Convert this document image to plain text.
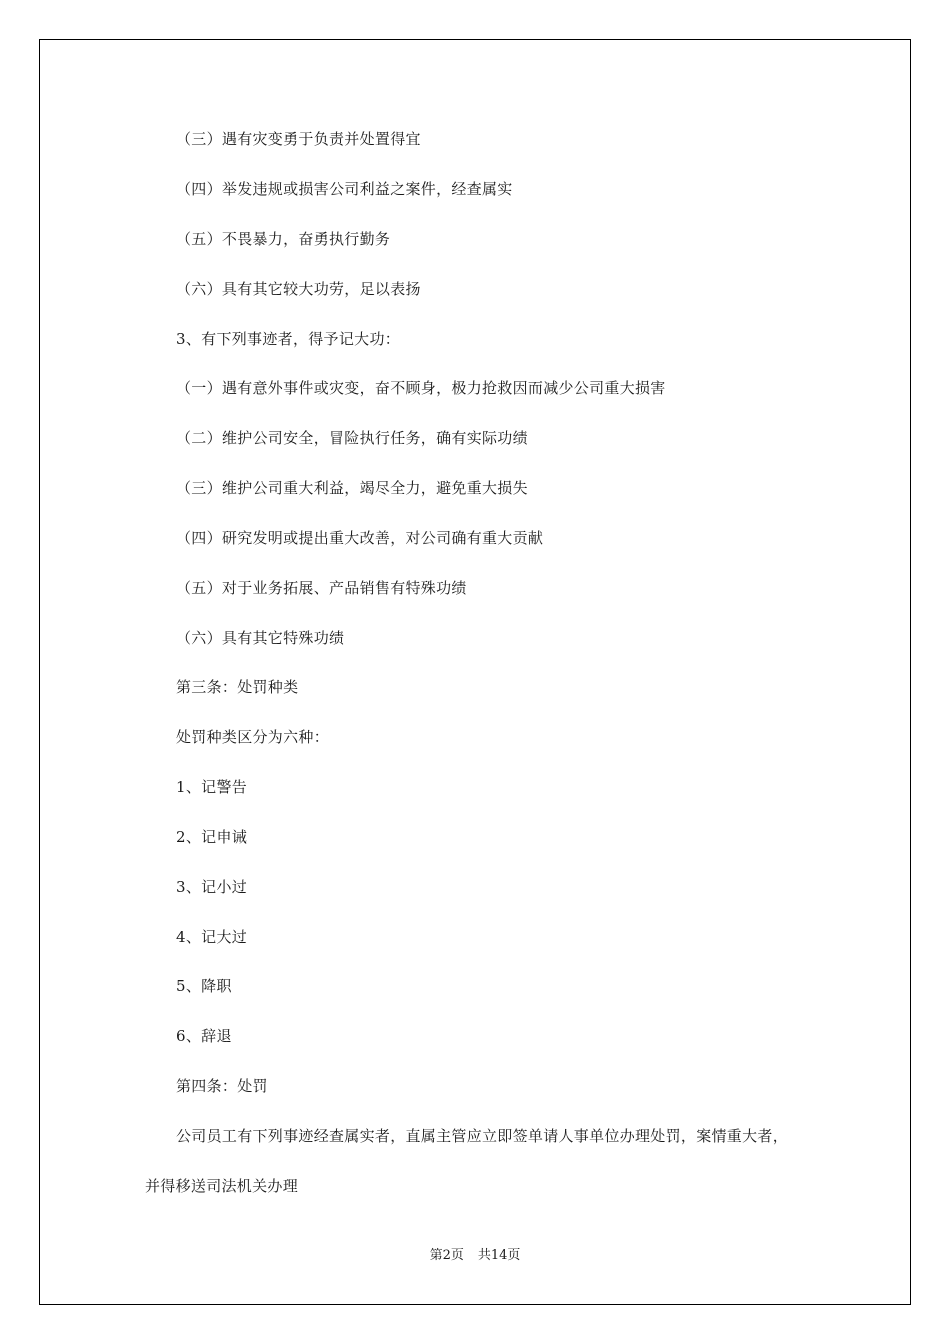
（三）遇有灾变勇于负责并处置得宜
（四）举发违规或损害公司利益之案件，经查属实
（五）不畏暴力，奋勇执行勤务
（六）具有其它较大功劳，足以表扬
3、有下列事迹者，得予记大功：
（一）遇有意外事件或灾变，奋不顾身，极力抢救因而减少公司重大损害
（二）维护公司安全，冒险执行任务，确有实际功绩
（三）维护公司重大利益，竭尽全力，避免重大损失
（四）研究发明或提出重大改善，对公司确有重大贡献
（五）对于业务拓展、产品销售有特殊功绩
（六）具有其它特殊功绩
第三条：处罚种类
处罚种类区分为六种：
1、记警告
2、记申诫
3、记小过
4、记大过
5、降职
6、辞退
第四条：处罚
公司员工有下列事迹经查属实者，直属主管应立即签单请人事单位办理处罚，案情重大者，
并得移送司法机关办理
第2页 共14页
